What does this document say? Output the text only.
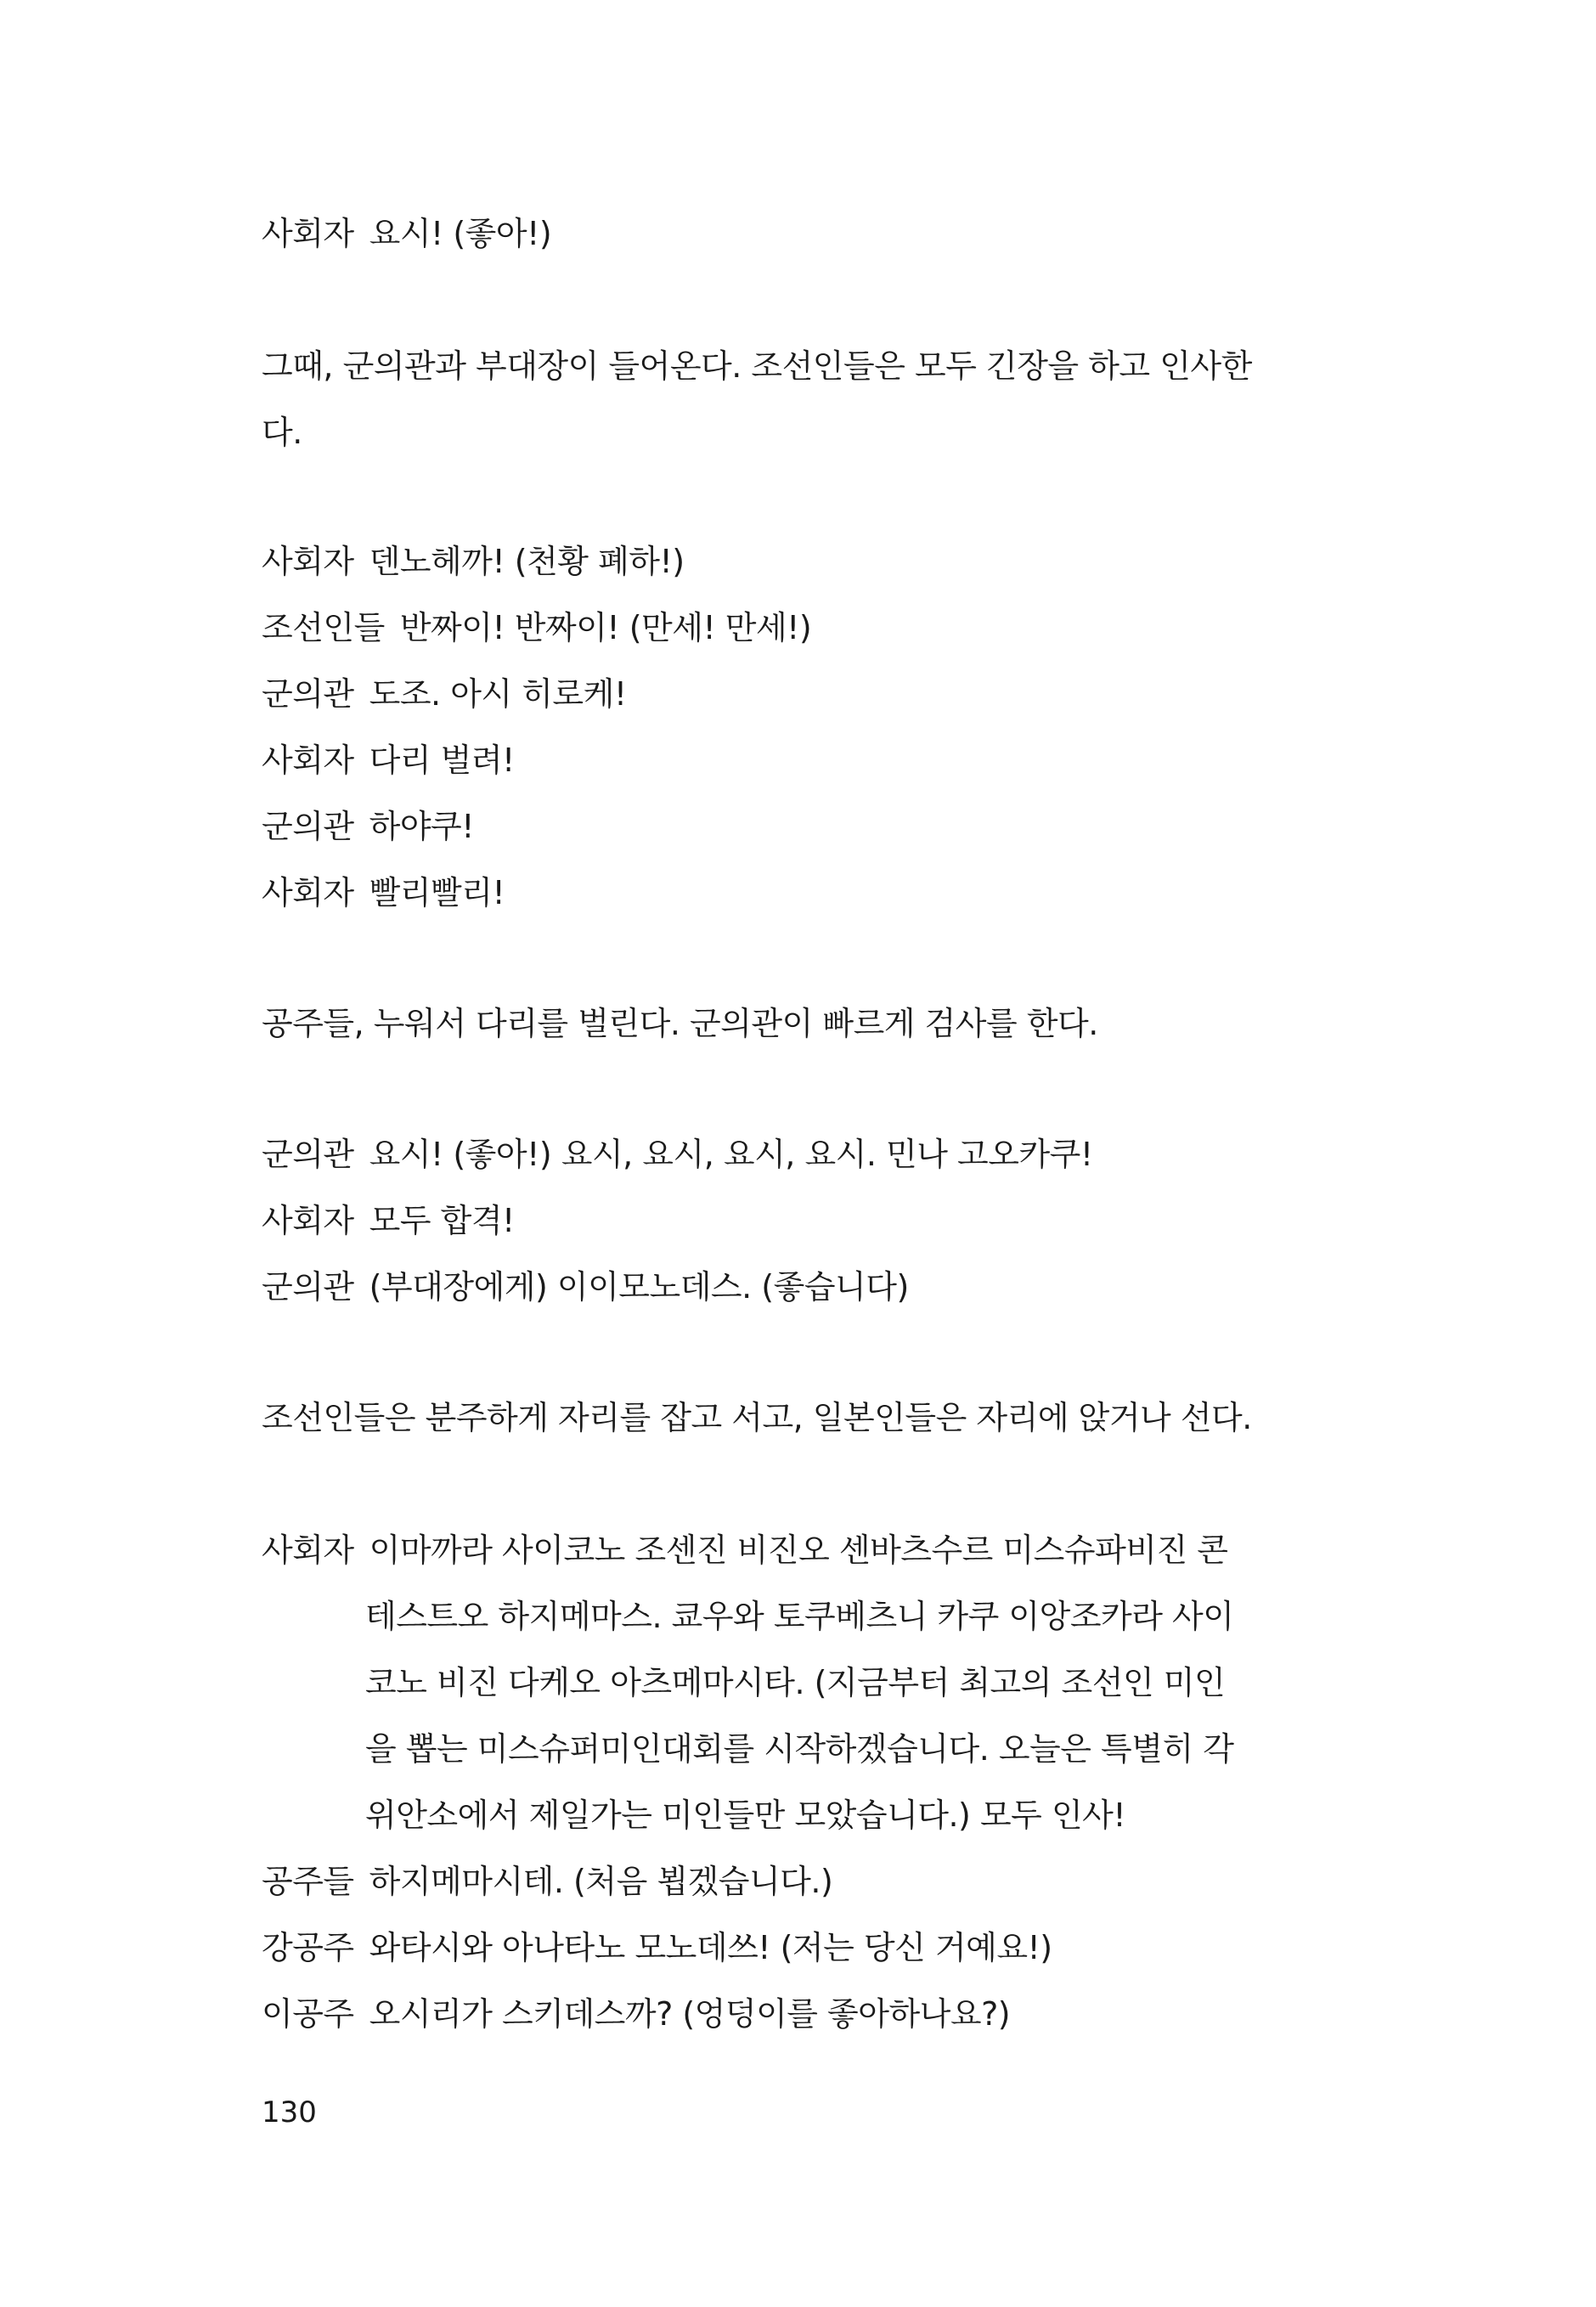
사회자 요시! (좋아!)
그때, 군의관과 부대장이 들어온다. 조선인들은 모두 긴장을 하고 인사한
다.
사회자 덴노헤까! (천황 폐하!)
조선인들 반짜이! 반짜이! (만세! 만세!)
군의관 도조. 아시 히로케!
사회자 다리 벌려!
군의관 하야쿠!
사회자 빨리빨리!
공주들, 누워서 다리를 벌린다. 군의관이 빠르게 검사를 한다.
군의관 요시! (좋아!) 요시, 요시, 요시, 요시. 민나 고오카쿠!
사회자 모두 합격!
군의관 (부대장에게) 이이모노데스. (좋습니다)
조선인들은 분주하게 자리를 잡고 서고, 일본인들은 자리에 앉거나 선다.
사회자 이마까라 사이코노 조센진 비진오 센바츠수르 미스슈파비진 콘
테스트오 하지메마스. 쿄우와 토쿠베츠니 카쿠 이앙조카라 사이
코노 비진 다케오 아츠메마시타. (지금부터 최고의 조선인 미인
을 뽑는 미스슈퍼미인대회를 시작하겠습니다. 오늘은 특별히 각
위안소에서 제일가는 미인들만 모았습니다.) 모두 인사!
공주들 하지메마시테. (처음 뵙겠습니다.)
강공주 와타시와 아나타노 모노데쓰! (저는 당신 거예요!)
이공주 오시리가 스키데스까? (엉덩이를 좋아하나요?)
130
